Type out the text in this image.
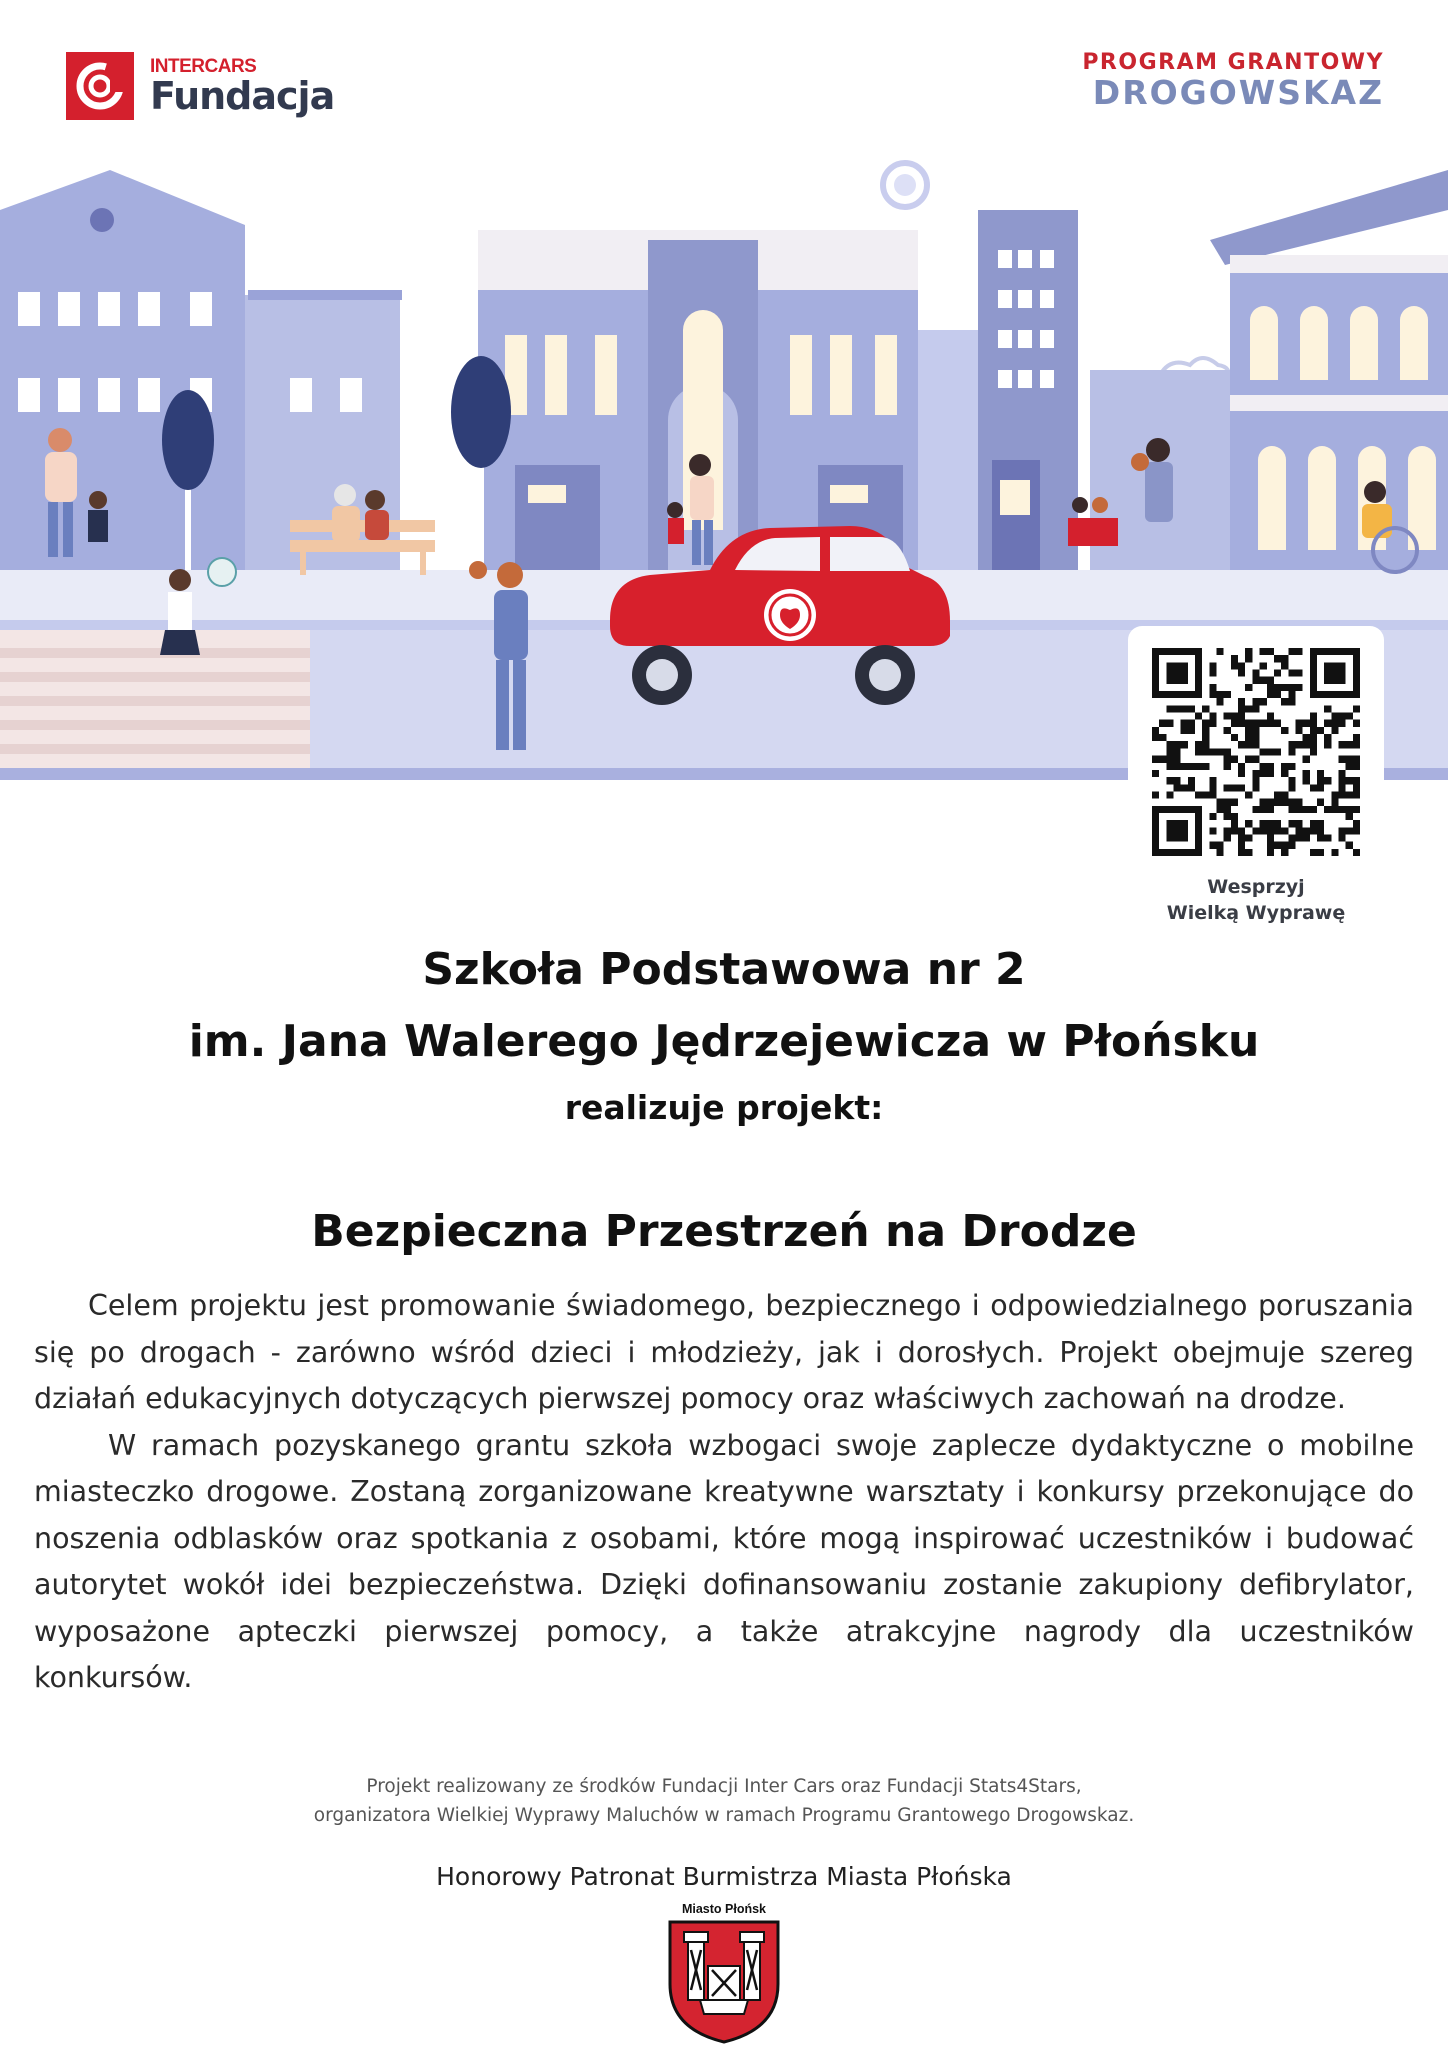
INTERCARS
Fundacja
PROGRAM GRANTOWY
DROGOWSKAZ
Wesprzyj
Wielką Wyprawę
Szkoła Podstawowa nr 2
im. Jana Walerego Jędrzejewicza w Płońsku
realizuje projekt:
Bezpieczna Przestrzeń na Drodze

Celem projektu jest promowanie świadomego, bezpiecznego i odpowiedzialnego poruszania się po drogach - zarówno wśród dzieci i młodzieży, jak i dorosłych. Projekt obejmuje szereg działań edukacyjnych dotyczących pierwszej pomocy oraz właściwych zachowań na drodze.

W ramach pozyskanego grantu szkoła wzbogaci swoje zaplecze dydaktyczne o mobilne miasteczko drogowe. Zostaną zorganizowane kreatywne warsztaty i konkursy przekonujące do noszenia odblasków oraz spotkania z osobami, które mogą inspirować uczestników i budować autorytet wokół idei bezpieczeństwa. Dzięki dofinansowaniu zostanie zakupiony defibrylator, wyposażone apteczki pierwszej pomocy, a także atrakcyjne nagrody dla uczestników konkursów.

Projekt realizowany ze środków Fundacji Inter Cars oraz Fundacji Stats4Stars,
organizatora Wielkiej Wyprawy Maluchów w ramach Programu Grantowego Drogowskaz.
Honorowy Patronat Burmistrza Miasta Płońska
Miasto Płońsk
